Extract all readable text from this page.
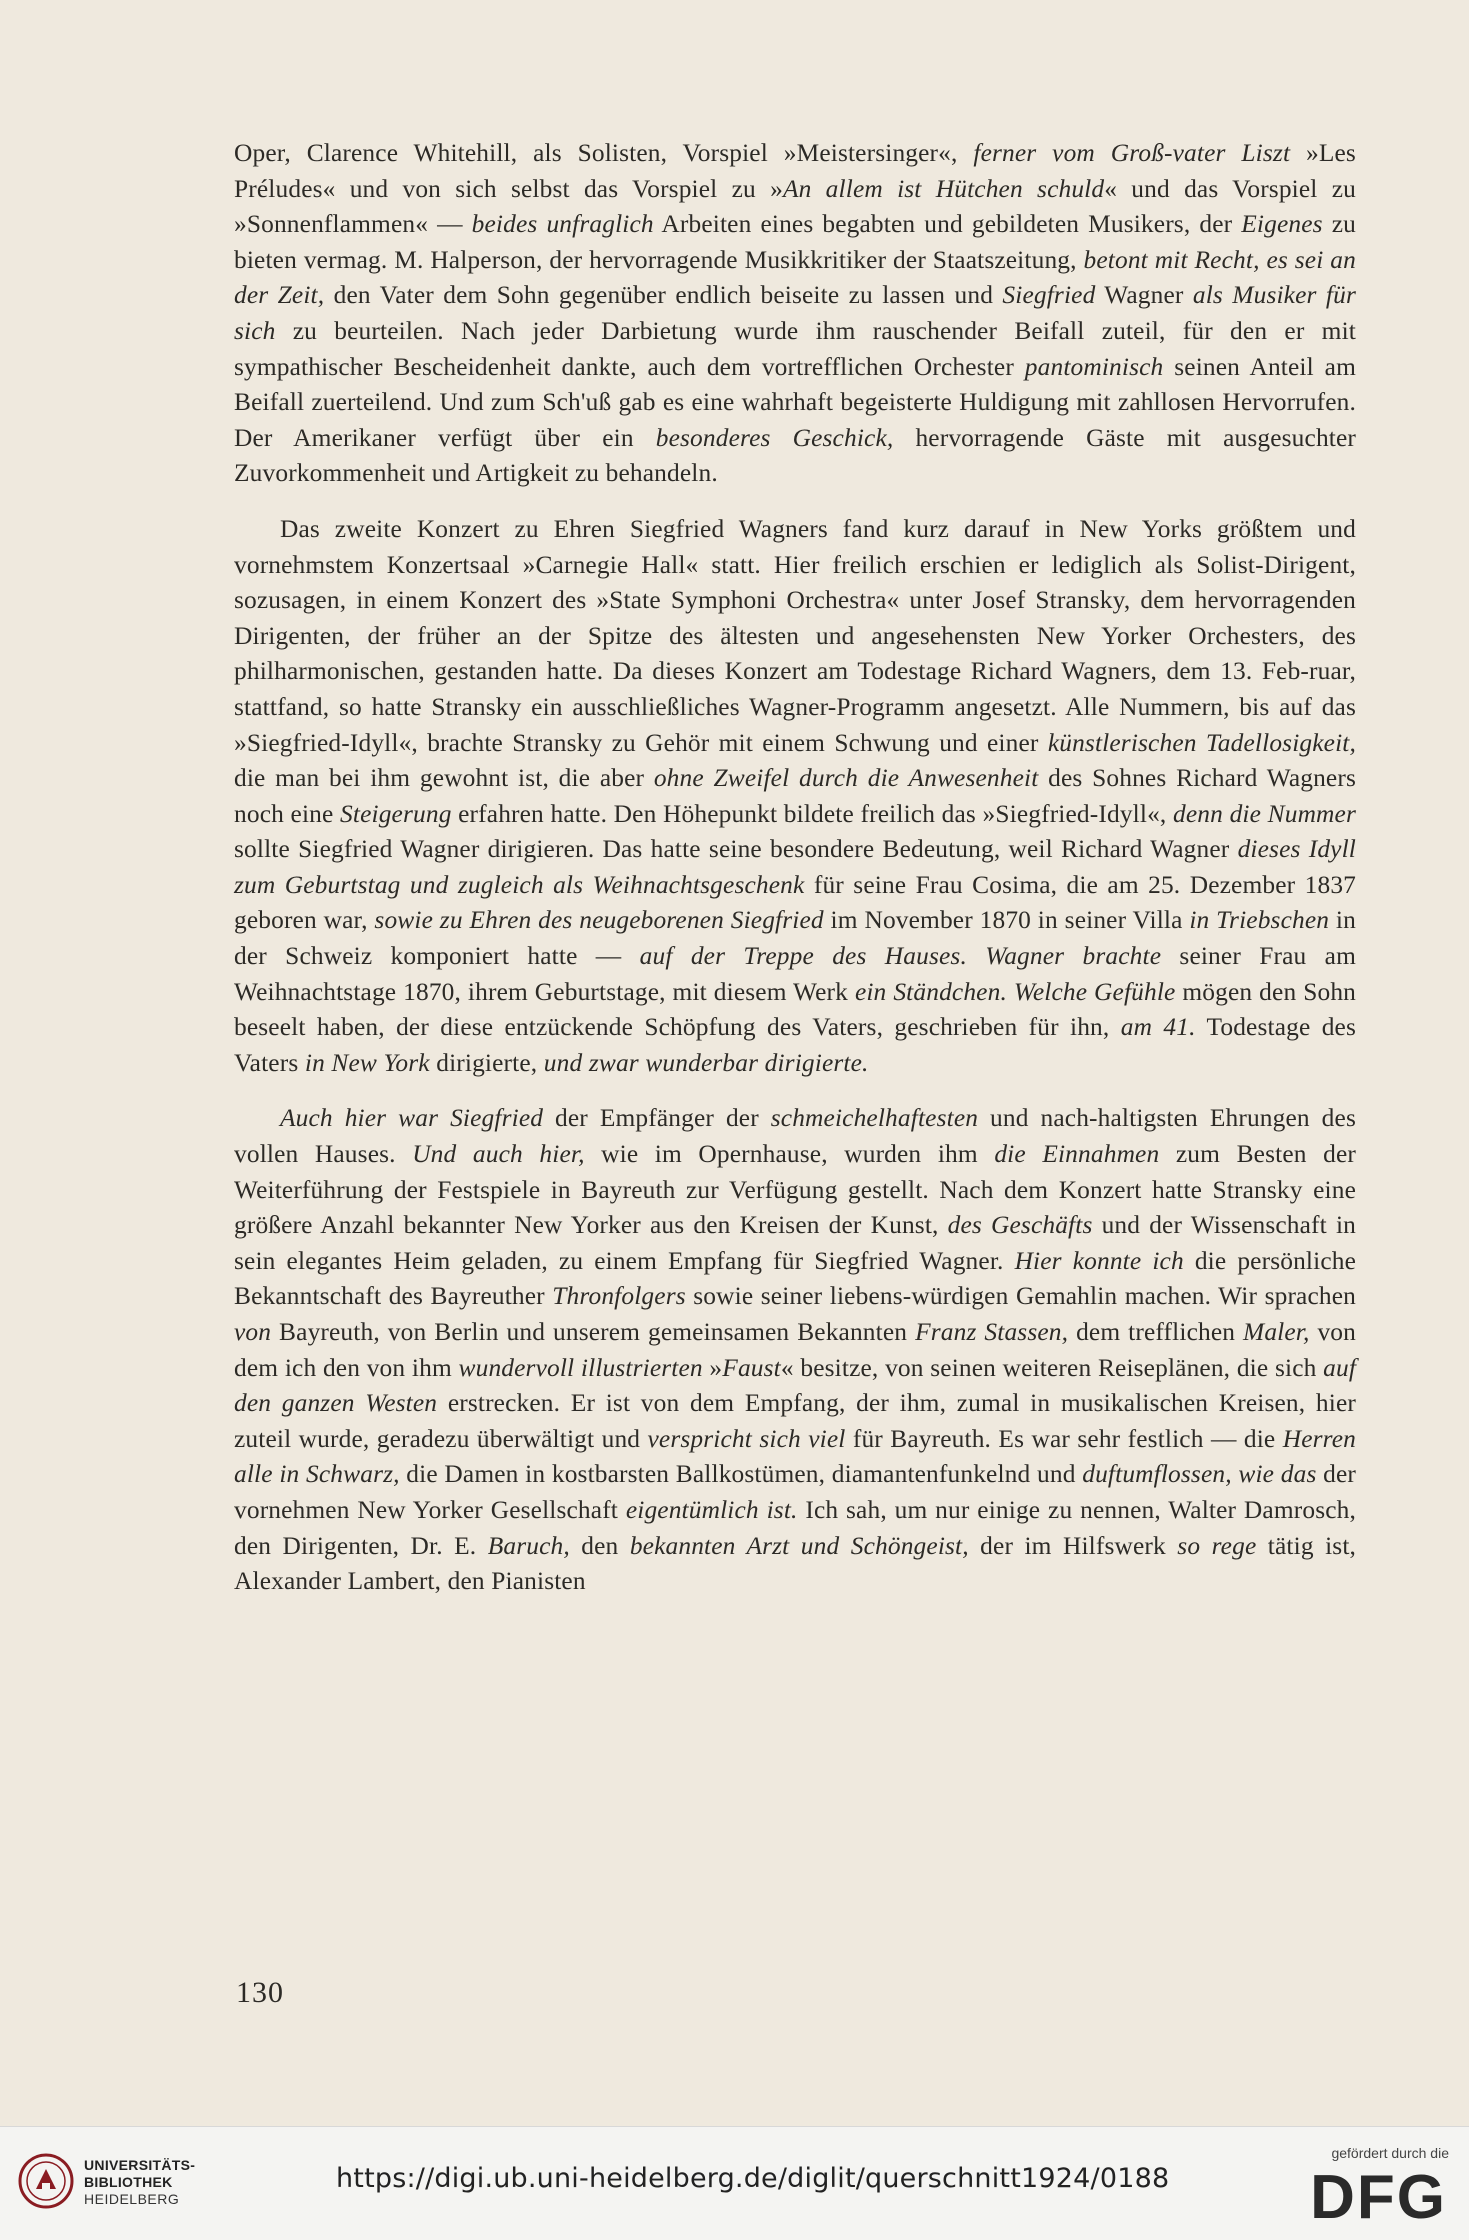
Oper, Clarence Whitehill, als Solisten, Vorspiel »Meistersinger«, ferner vom Groß-vater Liszt »Les Préludes« und von sich selbst das Vorspiel zu »An allem ist Hütchen schuld« und das Vorspiel zu »Sonnenflammen« — beides unfraglich Arbeiten eines begabten und gebildeten Musikers, der Eigenes zu bieten vermag. M. Halperson, der hervorragende Musikkritiker der Staatszeitung, betont mit Recht, es sei an der Zeit, den Vater dem Sohn gegenüber endlich beiseite zu lassen und Siegfried Wagner als Musiker für sich zu beurteilen. Nach jeder Darbietung wurde ihm rauschender Beifall zuteil, für den er mit sympathischer Bescheidenheit dankte, auch dem vortrefflichen Orchester pantominisch seinen Anteil am Beifall zuerteilend. Und zum Sch'uß gab es eine wahrhaft begeisterte Huldigung mit zahllosen Hervorrufen. Der Amerikaner verfügt über ein besonderes Geschick, hervorragende Gäste mit ausgesuchter Zuvorkommenheit und Artigkeit zu behandeln.

Das zweite Konzert zu Ehren Siegfried Wagners fand kurz darauf in New Yorks größtem und vornehmstem Konzertsaal »Carnegie Hall« statt. Hier freilich erschien er lediglich als Solist-Dirigent, sozusagen, in einem Konzert des »State Symphoni Orchestra« unter Josef Stransky, dem hervorragenden Dirigenten, der früher an der Spitze des ältesten und angesehensten New Yorker Orchesters, des philharmonischen, gestanden hatte. Da dieses Konzert am Todestage Richard Wagners, dem 13. Feb-ruar, stattfand, so hatte Stransky ein ausschließliches Wagner-Programm angesetzt. Alle Nummern, bis auf das »Siegfried-Idyll«, brachte Stransky zu Gehör mit einem Schwung und einer künstlerischen Tadellosigkeit, die man bei ihm gewohnt ist, die aber ohne Zweifel durch die Anwesenheit des Sohnes Richard Wagners noch eine Steigerung erfahren hatte. Den Höhepunkt bildete freilich das »Siegfried-Idyll«, denn die Nummer sollte Siegfried Wagner dirigieren. Das hatte seine besondere Bedeutung, weil Richard Wagner dieses Idyll zum Geburtstag und zugleich als Weihnachtsgeschenk für seine Frau Cosima, die am 25. Dezember 1837 geboren war, sowie zu Ehren des neugeborenen Siegfried im November 1870 in seiner Villa in Triebschen in der Schweiz komponiert hatte — auf der Treppe des Hauses. Wagner brachte seiner Frau am Weihnachtstage 1870, ihrem Geburtstage, mit diesem Werk ein Ständchen. Welche Gefühle mögen den Sohn beseelt haben, der diese entzückende Schöpfung des Vaters, geschrieben für ihn, am 41. Todestage des Vaters in New York dirigierte, und zwar wunderbar dirigierte.

Auch hier war Siegfried der Empfänger der schmeichelhaftesten und nach-haltigsten Ehrungen des vollen Hauses. Und auch hier, wie im Opernhause, wurden ihm die Einnahmen zum Besten der Weiterführung der Festspiele in Bayreuth zur Verfügung gestellt. Nach dem Konzert hatte Stransky eine größere Anzahl bekannter New Yorker aus den Kreisen der Kunst, des Geschäfts und der Wissenschaft in sein elegantes Heim geladen, zu einem Empfang für Siegfried Wagner. Hier konnte ich die persönliche Bekanntschaft des Bayreuther Thronfolgers sowie seiner liebens-würdigen Gemahlin machen. Wir sprachen von Bayreuth, von Berlin und unserem gemeinsamen Bekannten Franz Stassen, dem trefflichen Maler, von dem ich den von ihm wundervoll illustrierten »Faust« besitze, von seinen weiteren Reiseplänen, die sich auf den ganzen Westen erstrecken. Er ist von dem Empfang, der ihm, zumal in musikalischen Kreisen, hier zuteil wurde, geradezu überwältigt und verspricht sich viel für Bayreuth. Es war sehr festlich — die Herren alle in Schwarz, die Damen in kostbarsten Ballkostümen, diamantenfunkelnd und duftumflossen, wie das der vornehmen New Yorker Gesellschaft eigentümlich ist. Ich sah, um nur einige zu nennen, Walter Damrosch, den Dirigenten, Dr. E. Baruch, den bekannten Arzt und Schöngeist, der im Hilfswerk so rege tätig ist, Alexander Lambert, den Pianisten

130
UNIVERSITÄTS-
BIBLIOTHEK
HEIDELBERG
https://digi.ub.uni-heidelberg.de/diglit/querschnitt1924/0188
gefördert durch die
DFG
